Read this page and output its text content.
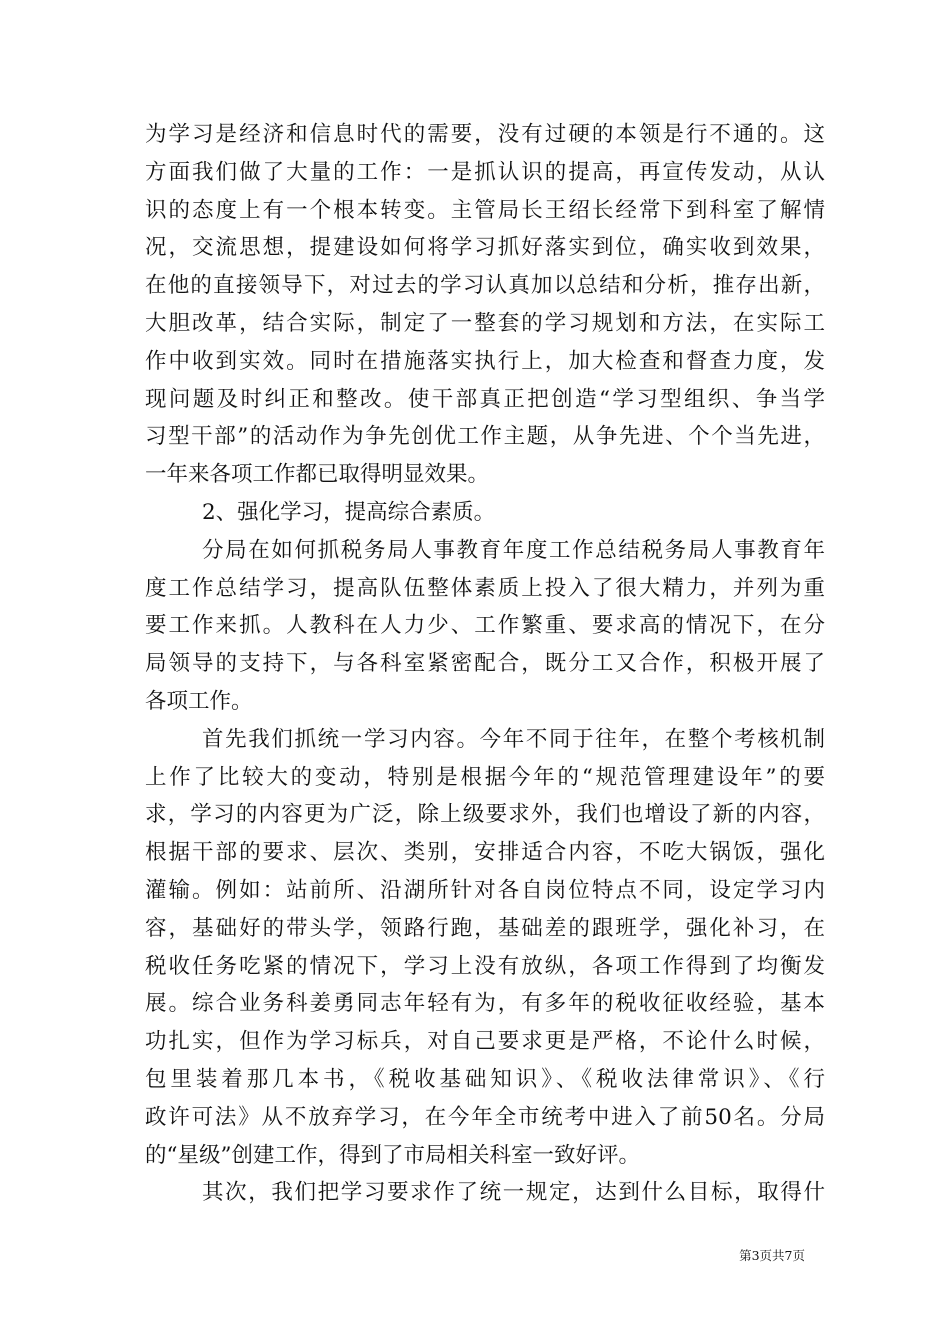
为学习是经济和信息时代的需要，没有过硬的本领是行不通的。这
方面我们做了大量的工作：一是抓认识的提高，再宣传发动，从认
识的态度上有一个根本转变。主管局长王绍长经常下到科室了解情
况，交流思想，提建设如何将学习抓好落实到位，确实收到效果，
在他的直接领导下，对过去的学习认真加以总结和分析，推存出新，
大胆改革，结合实际，制定了一整套的学习规划和方法，在实际工
作中收到实效。同时在措施落实执行上，加大检查和督查力度，发
现问题及时纠正和整改。使干部真正把创造“学习型组织、争当学
习型干部”的活动作为争先创优工作主题，从争先进、个个当先进，
一年来各项工作都已取得明显效果。
2、强化学习，提高综合素质。
分局在如何抓税务局人事教育年度工作总结税务局人事教育年
度工作总结学习，提高队伍整体素质上投入了很大精力，并列为重
要工作来抓。人教科在人力少、工作繁重、要求高的情况下，在分
局领导的支持下，与各科室紧密配合，既分工又合作，积极开展了
各项工作。
首先我们抓统一学习内容。今年不同于往年，在整个考核机制
上作了比较大的变动，特别是根据今年的“规范管理建设年”的要
求，学习的内容更为广泛，除上级要求外，我们也增设了新的内容，
根据干部的要求、层次、类别，安排适合内容，不吃大锅饭，强化
灌输。例如：站前所、沿湖所针对各自岗位特点不同，设定学习内
容，基础好的带头学，领路行跑，基础差的跟班学，强化补习，在
税收任务吃紧的情况下，学习上没有放纵，各项工作得到了均衡发
展。综合业务科姜勇同志年轻有为，有多年的税收征收经验，基本
功扎实，但作为学习标兵，对自己要求更是严格，不论什么时候，
包里装着那几本书，《税收基础知识》、《税收法律常识》、《行
政许可法》从不放弃学习，在今年全市统考中进入了前50名。分局
的“星级”创建工作，得到了市局相关科室一致好评。
其次，我们把学习要求作了统一规定，达到什么目标，取得什
第3页共7页
